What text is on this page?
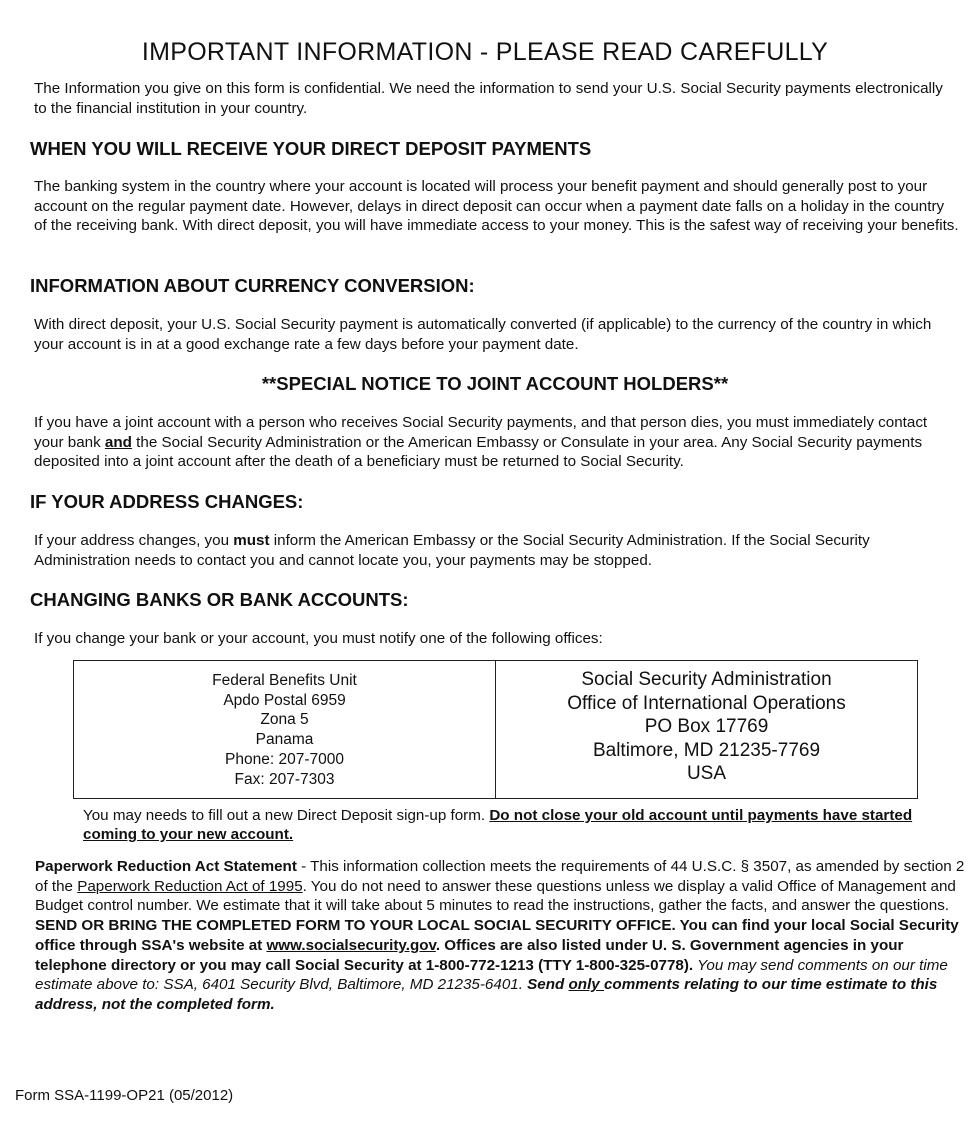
IMPORTANT INFORMATION - PLEASE READ CAREFULLY
The Information you give on this form is confidential. We need the information to send your U.S. Social Security payments electronically to the financial institution in your country.
WHEN YOU WILL RECEIVE YOUR DIRECT DEPOSIT PAYMENTS
The banking system in the country where your account is located will process your benefit payment and should generally post to your account on the regular payment date. However, delays in direct deposit can occur when a payment date falls on a holiday in the country of the receiving bank. With direct deposit, you will have immediate access to your money. This is the safest way of receiving your benefits.
INFORMATION ABOUT CURRENCY CONVERSION:
With direct deposit, your U.S. Social Security payment is automatically converted (if applicable) to the currency of the country in which your account is in at a good exchange rate a few days before your payment date.
**SPECIAL NOTICE TO JOINT ACCOUNT HOLDERS**
If you have a joint account with a person who receives Social Security payments, and that person dies, you must immediately contact your bank and the Social Security Administration or the American Embassy or Consulate in your area. Any Social Security payments deposited into a joint account after the death of a beneficiary must be returned to Social Security.
IF YOUR ADDRESS CHANGES:
If your address changes, you must inform the American Embassy or the Social Security Administration. If the Social Security Administration needs to contact you and cannot locate you, your payments may be stopped.
CHANGING BANKS OR BANK ACCOUNTS:
If you change your bank or your account, you must notify one of the following offices:
Federal Benefits Unit
Apdo Postal 6959
Zona 5
Panama
Phone: 207-7000
Fax: 207-7303
Social Security Administration
Office of International Operations
PO Box 17769
Baltimore, MD 21235-7769
USA
You may needs to fill out a new Direct Deposit sign-up form. Do not close your old account until payments have started coming to your new account.
Paperwork Reduction Act Statement - This information collection meets the requirements of 44 U.S.C. § 3507, as amended by section 2 of the Paperwork Reduction Act of 1995. You do not need to answer these questions unless we display a valid Office of Management and Budget control number. We estimate that it will take about 5 minutes to read the instructions, gather the facts, and answer the questions. SEND OR BRING THE COMPLETED FORM TO YOUR LOCAL SOCIAL SECURITY OFFICE. You can find your local Social Security office through SSA's website at www.socialsecurity.gov. Offices are also listed under U. S. Government agencies in your telephone directory or you may call Social Security at 1-800-772-1213 (TTY 1-800-325-0778). You may send comments on our time estimate above to: SSA, 6401 Security Blvd, Baltimore, MD 21235-6401. Send only comments relating to our time estimate to this address, not the completed form.
Form SSA-1199-OP21 (05/2012)
